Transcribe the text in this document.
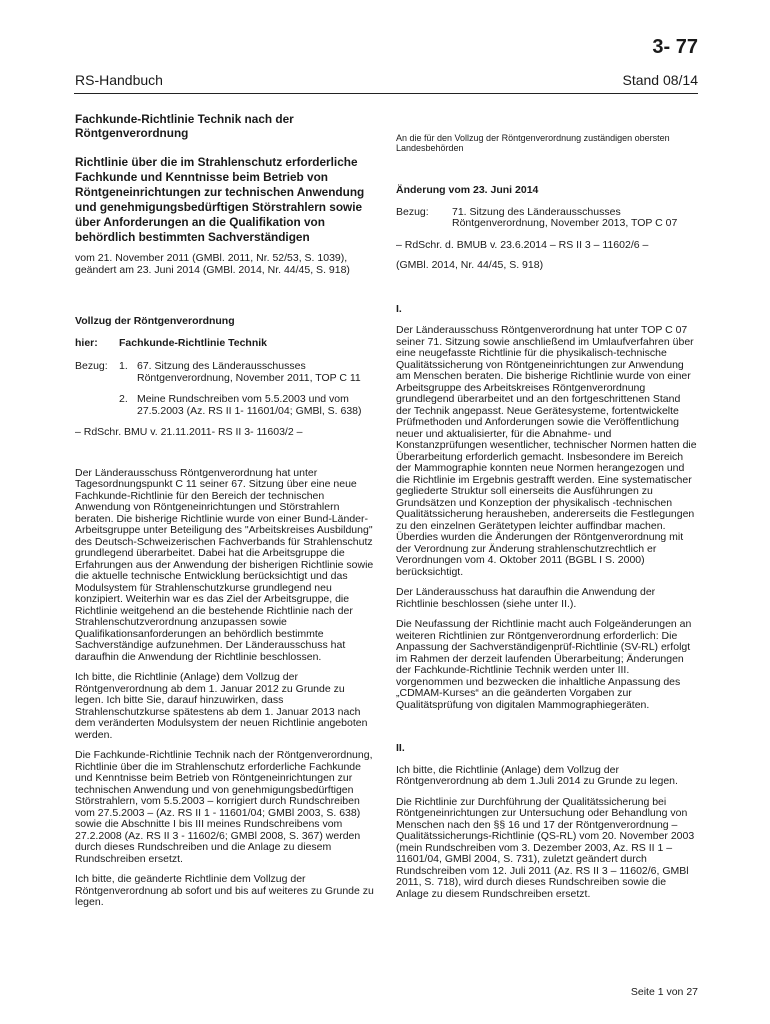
3- 77
RS-Handbuch	Stand 08/14
Fachkunde-Richtlinie Technik nach der Röntgenverordnung
Richtlinie über die im Strahlenschutz erforderliche Fachkunde und Kenntnisse beim Betrieb von Röntgeneinrichtungen zur technischen Anwendung und genehmigungsbedürftigen Störstrahlern sowie über Anforderungen an die Qualifikation von behördlich bestimmten Sachverständigen

vom 21. November 2011 (GMBl. 2011, Nr. 52/53, S. 1039), geändert am 23. Juni 2014 (GMBl. 2014, Nr. 44/45, S. 918)

Vollzug der Röntgenverordnung
hier:	Fachkunde-Richtlinie Technik
Bezug:	1. 67. Sitzung des Länderausschusses Röntgenverordnung, November 2011, TOP C 11
2. Meine Rundschreiben vom 5.5.2003 und vom 27.5.2003 (Az. RS II 1- 11601/04; GMBl, S. 638)

– RdSchr. BMU v. 21.11.2011- RS II 3- 11603/2 –

Der Länderausschuss Röntgenverordnung hat unter Tagesordnungspunkt C 11 seiner 67. Sitzung über eine neue Fachkunde-Richtlinie für den Bereich der technischen Anwendung von Röntgeneinrichtungen und Störstrahlern beraten. Die bisherige Richtlinie wurde von einer Bund-Länder-Arbeitsgruppe unter Beteiligung des "Arbeitskreises Ausbildung" des Deutsch-Schweizerischen Fachverbands für Strahlenschutz grundlegend überarbeitet. Dabei hat die Arbeitsgruppe die Erfahrungen aus der Anwendung der bisherigen Richtlinie sowie die aktuelle technische Entwicklung berücksichtigt und das Modulsystem für Strahlenschutzkurse grundlegend neu konzipiert. Weiterhin war es das Ziel der Arbeitsgruppe, die Richtlinie weitgehend an die bestehende Richtlinie nach der Strahlenschutzverordnung anzupassen sowie Qualifikationsanforderungen an behördlich bestimmte Sachverständige aufzunehmen. Der Länderausschuss hat daraufhin die Anwendung der Richtlinie beschlossen.

Ich bitte, die Richtlinie (Anlage) dem Vollzug der Röntgenverordnung ab dem 1. Januar 2012 zu Grunde zu legen. Ich bitte Sie, darauf hinzuwirken, dass Strahlenschutzkurse spätestens ab dem 1. Januar 2013 nach dem veränderten Modulsystem der neuen Richtlinie angeboten werden.

Die Fachkunde-Richtlinie Technik nach der Röntgenverordnung, Richtlinie über die im Strahlenschutz erforderliche Fachkunde und Kenntnisse beim Betrieb von Röntgeneinrichtungen zur technischen Anwendung und von genehmigungsbedürftigen Störstrahlern, vom 5.5.2003 – korrigiert durch Rundschreiben vom 27.5.2003 – (Az. RS II 1 - 11601/04; GMBl 2003, S. 638) sowie die Abschnitte I bis III meines Rundschreibens vom 27.2.2008 (Az. RS II 3 - 11602/6; GMBl 2008, S. 367) werden durch dieses Rundschreiben und die Anlage zu diesem Rundschreiben ersetzt.

Ich bitte, die geänderte Richtlinie dem Vollzug der Röntgenverordnung ab sofort und bis auf weiteres zu Grunde zu legen.

An die für den Vollzug der Röntgenverordnung zuständigen obersten Landesbehörden
Änderung vom 23. Juni 2014
Bezug:	71. Sitzung des Länderausschusses Röntgenverordnung, November 2013, TOP C 07

– RdSchr. d. BMUB v. 23.6.2014 – RS II 3 – 11602/6 –

(GMBl. 2014, Nr. 44/45, S. 918)

I.

Der Länderausschuss Röntgenverordnung hat unter TOP C 07 seiner 71. Sitzung sowie anschließend im Umlaufverfahren über eine neugefasste Richtlinie für die physikalisch-technische Qualitätssicherung von Röntgeneinrichtungen zur Anwendung am Menschen beraten. Die bisherige Richtlinie wurde von einer Arbeitsgruppe des Arbeitskreises Röntgenverordnung grundlegend überarbeitet und an den fortgeschrittenen Stand der Technik angepasst. Neue Gerätesysteme, fortentwickelte Prüfmethoden und Anforderungen sowie die Veröffentlichung neuer und aktualisierter, für die Abnahme- und Konstanzprüfungen wesentlicher, technischer Normen hatten die Überarbeitung erforderlich gemacht. Insbesondere im Bereich der Mammographie konnten neue Normen herangezogen und die Richtlinie im Ergebnis gestrafft werden. Eine systematischer gegliederte Struktur soll einerseits die Ausführungen zu Grundsätzen und Konzeption der physikalisch -technischen Qualitätssicherung herausheben, andererseits die Festlegungen zu den einzelnen Gerätetypen leichter auffindbar machen. Überdies wurden die Änderungen der Röntgenverordnung mit der Verordnung zur Änderung strahlenschutzrechtlich er Verordnungen vom 4. Oktober 2011 (BGBL I S. 2000) berücksichtigt.

Der Länderausschuss hat daraufhin die Anwendung der Richtlinie beschlossen (siehe unter II.).

Die Neufassung der Richtlinie macht auch Folgeänderungen an weiteren Richtlinien zur Röntgenverordnung erforderlich: Die Anpassung der Sachverständigenprüf-Richtlinie (SV-RL) erfolgt im Rahmen der derzeit laufenden Überarbeitung; Änderungen der Fachkunde-Richtlinie Technik werden unter III. vorgenommen und bezwecken die inhaltliche Anpassung des „CDMAM-Kurses“ an die geänderten Vorgaben zur Qualitätsprüfung von digitalen Mammographiegeräten.

II.

Ich bitte, die Richtlinie (Anlage) dem Vollzug der Röntgenverordnung ab dem 1.Juli 2014 zu Grunde zu legen.

Die Richtlinie zur Durchführung der Qualitätssicherung bei Röntgeneinrichtungen zur Untersuchung oder Behandlung von Menschen nach den §§ 16 und 17 der Röntgenverordnung – Qualitätssicherungs-Richtlinie (QS-RL) vom 20. November 2003 (mein Rundschreiben vom 3. Dezember 2003, Az. RS II 1 – 11601/04, GMBl 2004, S. 731), zuletzt geändert durch Rundschreiben vom 12. Juli 2011 (Az. RS II 3 – 11602/6, GMBl 2011, S. 718), wird durch dieses Rundschreiben sowie die Anlage zu diesem Rundschreiben ersetzt.

Seite 1 von 27
